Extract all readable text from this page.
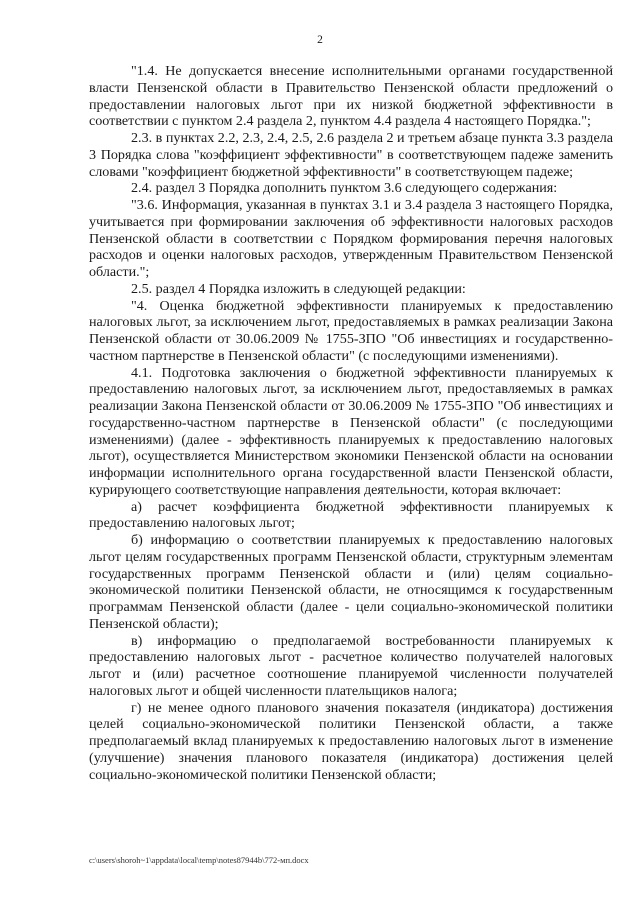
2

"1.4. Не допускается внесение исполнительными органами государственной власти Пензенской области в Правительство Пензенской области предложений о предоставлении налоговых льгот при их низкой бюджетной эффективности в соответствии с пунктом 2.4 раздела 2, пунктом 4.4 раздела 4 настоящего Порядка.";

2.3. в пунктах 2.2, 2.3, 2.4, 2.5, 2.6 раздела 2 и третьем абзаце пункта 3.3 раздела 3 Порядка слова "коэффициент эффективности" в соответствующем падеже заменить словами "коэффициент бюджетной эффективности" в соответствующем падеже;

2.4. раздел 3 Порядка дополнить пунктом 3.6 следующего содержания:

"3.6. Информация, указанная в пунктах 3.1 и 3.4 раздела 3 настоящего Порядка, учитывается при формировании заключения об эффективности налоговых расходов Пензенской области в соответствии с Порядком формирования перечня налоговых расходов и оценки налоговых расходов, утвержденным Правительством Пензенской области.";

2.5. раздел 4 Порядка изложить в следующей редакции:

"4. Оценка бюджетной эффективности планируемых к предоставлению налоговых льгот, за исключением льгот, предоставляемых в рамках реализации Закона Пензенской области от 30.06.2009 № 1755-ЗПО "Об инвестициях и государственно-частном партнерстве в Пензенской области" (с последующими изменениями).

4.1. Подготовка заключения о бюджетной эффективности планируемых к предоставлению налоговых льгот, за исключением льгот, предоставляемых в рамках реализации Закона Пензенской области от 30.06.2009 № 1755-ЗПО "Об инвестициях и государственно-частном партнерстве в Пензенской области" (с последующими изменениями) (далее - эффективность планируемых к предоставлению налоговых льгот), осуществляется Министерством экономики Пензенской области на основании информации исполнительного органа государственной власти Пензенской области, курирующего соответствующие направления деятельности, которая включает:

а) расчет коэффициента бюджетной эффективности планируемых к предоставлению налоговых льгот;

б) информацию о соответствии планируемых к предоставлению налоговых льгот целям государственных программ Пензенской области, структурным элементам государственных программ Пензенской области и (или) целям социально-экономической политики Пензенской области, не относящимся к государственным программам Пензенской области (далее - цели социально-экономической политики Пензенской области);

в) информацию о предполагаемой востребованности планируемых к предоставлению налоговых льгот - расчетное количество получателей налоговых льгот и (или) расчетное соотношение планируемой численности получателей налоговых льгот и общей численности плательщиков налога;

г) не менее одного планового значения показателя (индикатора) достижения целей социально-экономической политики Пензенской области, а также предполагаемый вклад планируемых к предоставлению налоговых льгот в изменение (улучшение) значения планового показателя (индикатора) достижения целей социально-экономической политики Пензенской области;

c:\users\shoroh~1\appdata\local\temp\notes87944b\772-мп.docx
